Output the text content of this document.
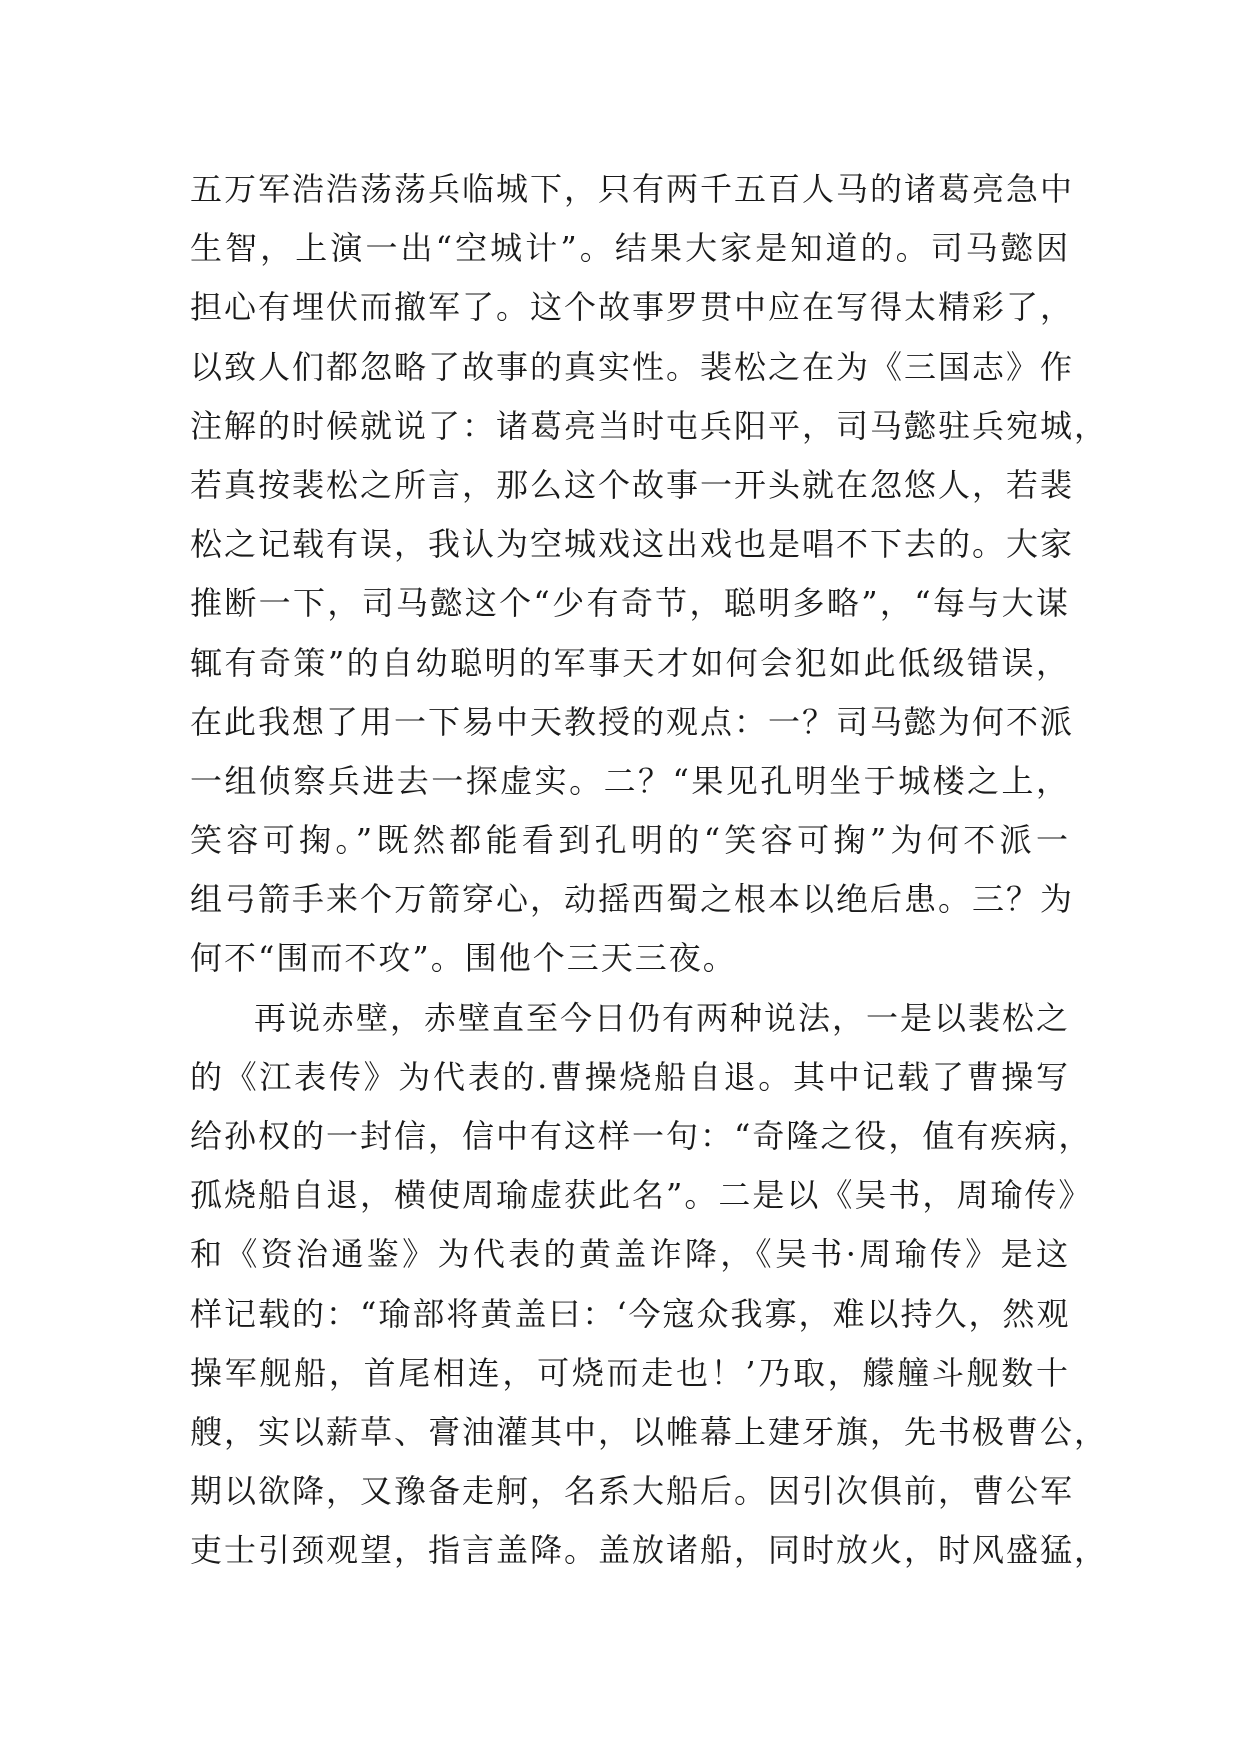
五万军浩浩荡荡兵临城下，只有两千五百人马的诸葛亮急中
生智，上演一出“空城计”。结果大家是知道的。司马懿因
担心有埋伏而撤军了。这个故事罗贯中应在写得太精彩了，
以致人们都忽略了故事的真实性。裴松之在为《三国志》作
注解的时候就说了：诸葛亮当时屯兵阳平，司马懿驻兵宛城，
若真按裴松之所言，那么这个故事一开头就在忽悠人，若裴
松之记载有误，我认为空城戏这出戏也是唱不下去的。大家
推断一下，司马懿这个“少有奇节，聪明多略”，“每与大谋
辄有奇策”的自幼聪明的军事天才如何会犯如此低级错误，
在此我想了用一下易中天教授的观点：一？司马懿为何不派
一组侦察兵进去一探虚实。二？“果见孔明坐于城楼之上，
笑容可掬。”既然都能看到孔明的“笑容可掬”为何不派一
组弓箭手来个万箭穿心，动摇西蜀之根本以绝后患。三？为
何不“围而不攻”。围他个三天三夜。
再说赤壁，赤壁直至今日仍有两种说法，一是以裴松之
的《江表传》为代表的.曹操烧船自退。其中记载了曹操写
给孙权的一封信，信中有这样一句：“奇隆之役，值有疾病，
孤烧船自退，横使周瑜虚获此名”。二是以《吴书，周瑜传》
和《资治通鉴》为代表的黄盖诈降，《吴书·周瑜传》是这
样记载的：“瑜部将黄盖曰：‘今寇众我寡，难以持久，然观
操军舰船，首尾相连，可烧而走也！’乃取，艨艟斗舰数十
艘，实以薪草、膏油灌其中，以帷幕上建牙旗，先书极曹公，
期以欲降，又豫备走舸，名系大船后。因引次俱前，曹公军
吏士引颈观望，指言盖降。盖放诸船，同时放火，时风盛猛，
